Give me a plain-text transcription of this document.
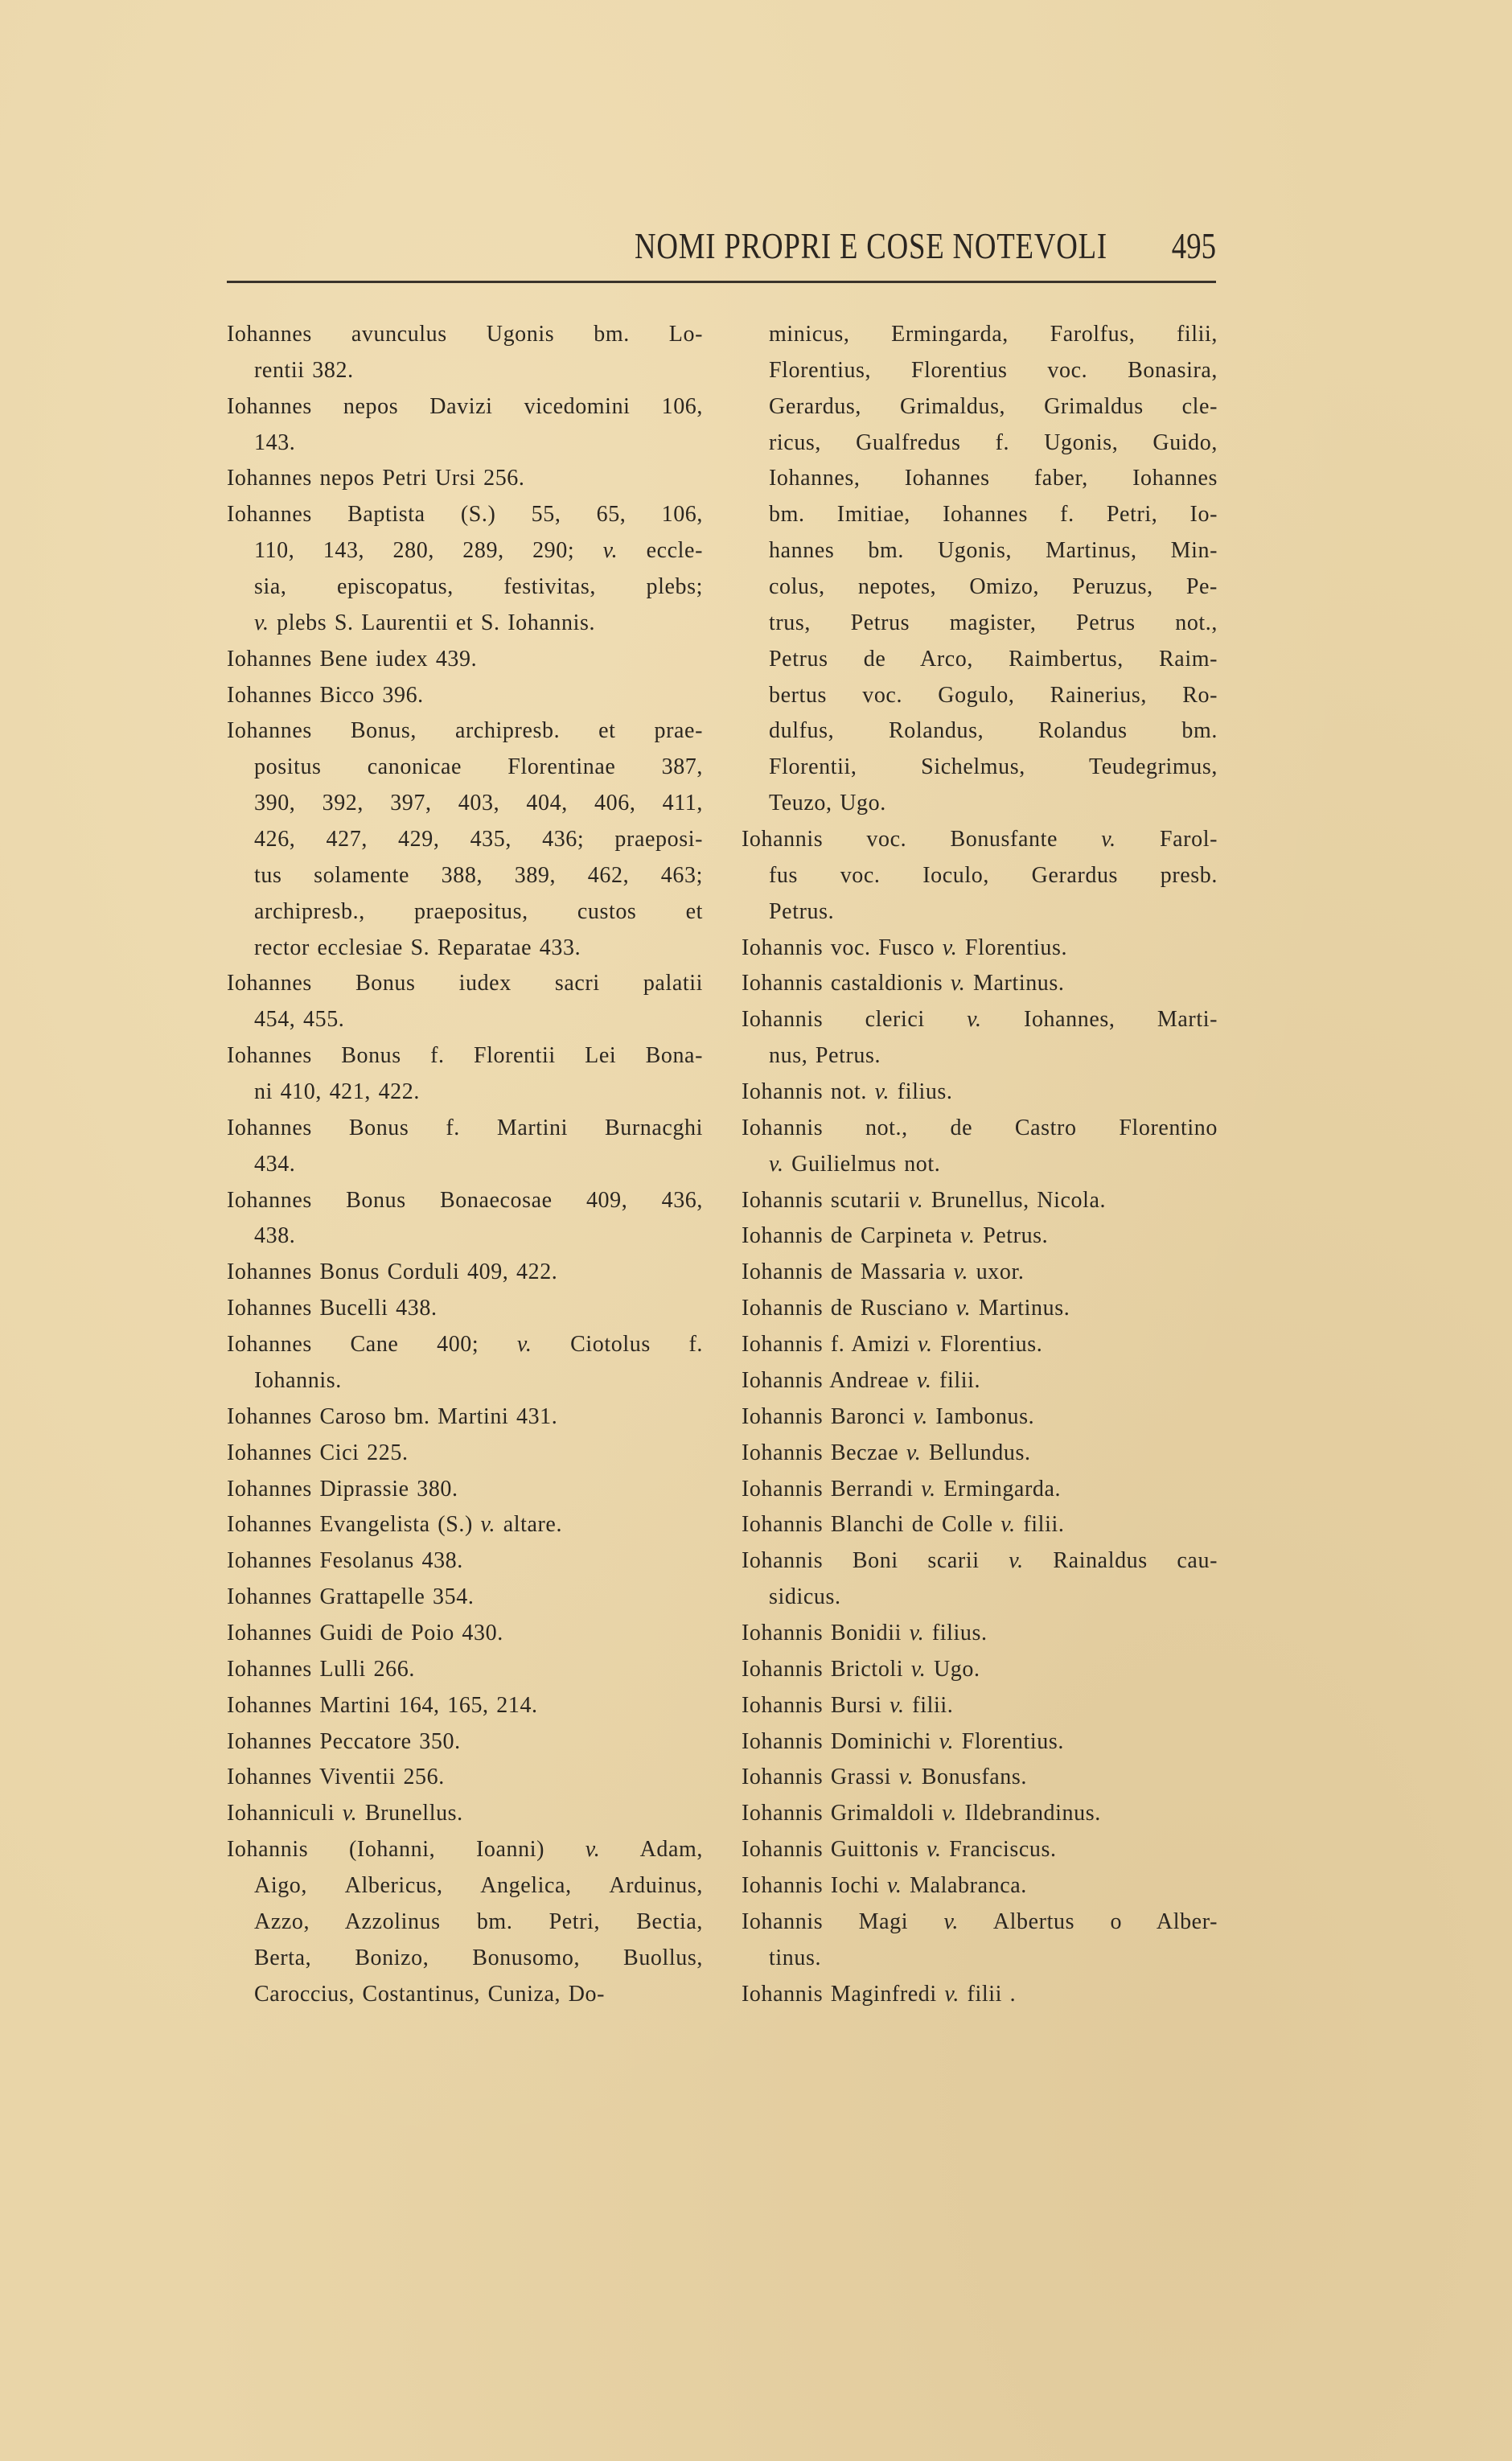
NOMI PROPRI E COSE NOTEVOLI 495
Iohannes avunculus Ugonis bm. Lo-
rentii 382.
Iohannes nepos Davizi vicedomini 106,
143.
Iohannes nepos Petri Ursi 256.
Iohannes Baptista (S.) 55, 65, 106,
110, 143, 280, 289, 290; v. eccle-
sia, episcopatus, festivitas, plebs;
v. plebs S. Laurentii et S. Iohannis.
Iohannes Bene iudex 439.
Iohannes Bicco 396.
Iohannes Bonus, archipresb. et prae-
positus canonicae Florentinae 387,
390, 392, 397, 403, 404, 406, 411,
426, 427, 429, 435, 436; praeposi-
tus solamente 388, 389, 462, 463;
archipresb., praepositus, custos et
rector ecclesiae S. Reparatae 433.
Iohannes Bonus iudex sacri palatii
454, 455.
Iohannes Bonus f. Florentii Lei Bona-
ni 410, 421, 422.
Iohannes Bonus f. Martini Burnacghi
434.
Iohannes Bonus Bonaecosae 409, 436,
438.
Iohannes Bonus Corduli 409, 422.
Iohannes Bucelli 438.
Iohannes Cane 400; v. Ciotolus f.
Iohannis.
Iohannes Caroso bm. Martini 431.
Iohannes Cici 225.
Iohannes Diprassie 380.
Iohannes Evangelista (S.) v. altare.
Iohannes Fesolanus 438.
Iohannes Grattapelle 354.
Iohannes Guidi de Poio 430.
Iohannes Lulli 266.
Iohannes Martini 164, 165, 214.
Iohannes Peccatore 350.
Iohannes Viventii 256.
Iohanniculi v. Brunellus.
Iohannis (Iohanni, Ioanni) v. Adam,
Aigo, Albericus, Angelica, Arduinus,
Azzo, Azzolinus bm. Petri, Bectia,
Berta, Bonizo, Bonusomo, Buollus,
Caroccius, Costantinus, Cuniza, Do-
minicus, Ermingarda, Farolfus, filii,
Florentius, Florentius voc. Bonasira,
Gerardus, Grimaldus, Grimaldus cle-
ricus, Gualfredus f. Ugonis, Guido,
Iohannes, Iohannes faber, Iohannes
bm. Imitiae, Iohannes f. Petri, Io-
hannes bm. Ugonis, Martinus, Min-
colus, nepotes, Omizo, Peruzus, Pe-
trus, Petrus magister, Petrus not.,
Petrus de Arco, Raimbertus, Raim-
bertus voc. Gogulo, Rainerius, Ro-
dulfus, Rolandus, Rolandus bm.
Florentii, Sichelmus, Teudegrimus,
Teuzo, Ugo.
Iohannis voc. Bonusfante v. Farol-
fus voc. Ioculo, Gerardus presb.
Petrus.
Iohannis voc. Fusco v. Florentius.
Iohannis castaldionis v. Martinus.
Iohannis clerici v. Iohannes, Marti-
nus, Petrus.
Iohannis not. v. filius.
Iohannis not., de Castro Florentino
v. Guilielmus not.
Iohannis scutarii v. Brunellus, Nicola.
Iohannis de Carpineta v. Petrus.
Iohannis de Massaria v. uxor.
Iohannis de Rusciano v. Martinus.
Iohannis f. Amizi v. Florentius.
Iohannis Andreae v. filii.
Iohannis Baronci v. Iambonus.
Iohannis Beczae v. Bellundus.
Iohannis Berrandi v. Ermingarda.
Iohannis Blanchi de Colle v. filii.
Iohannis Boni scarii v. Rainaldus cau-
sidicus.
Iohannis Bonidii v. filius.
Iohannis Brictoli v. Ugo.
Iohannis Bursi v. filii.
Iohannis Dominichi v. Florentius.
Iohannis Grassi v. Bonusfans.
Iohannis Grimaldoli v. Ildebrandinus.
Iohannis Guittonis v. Franciscus.
Iohannis Iochi v. Malabranca.
Iohannis Magi v. Albertus o Alber-
tinus.
Iohannis Maginfredi v. filii .
